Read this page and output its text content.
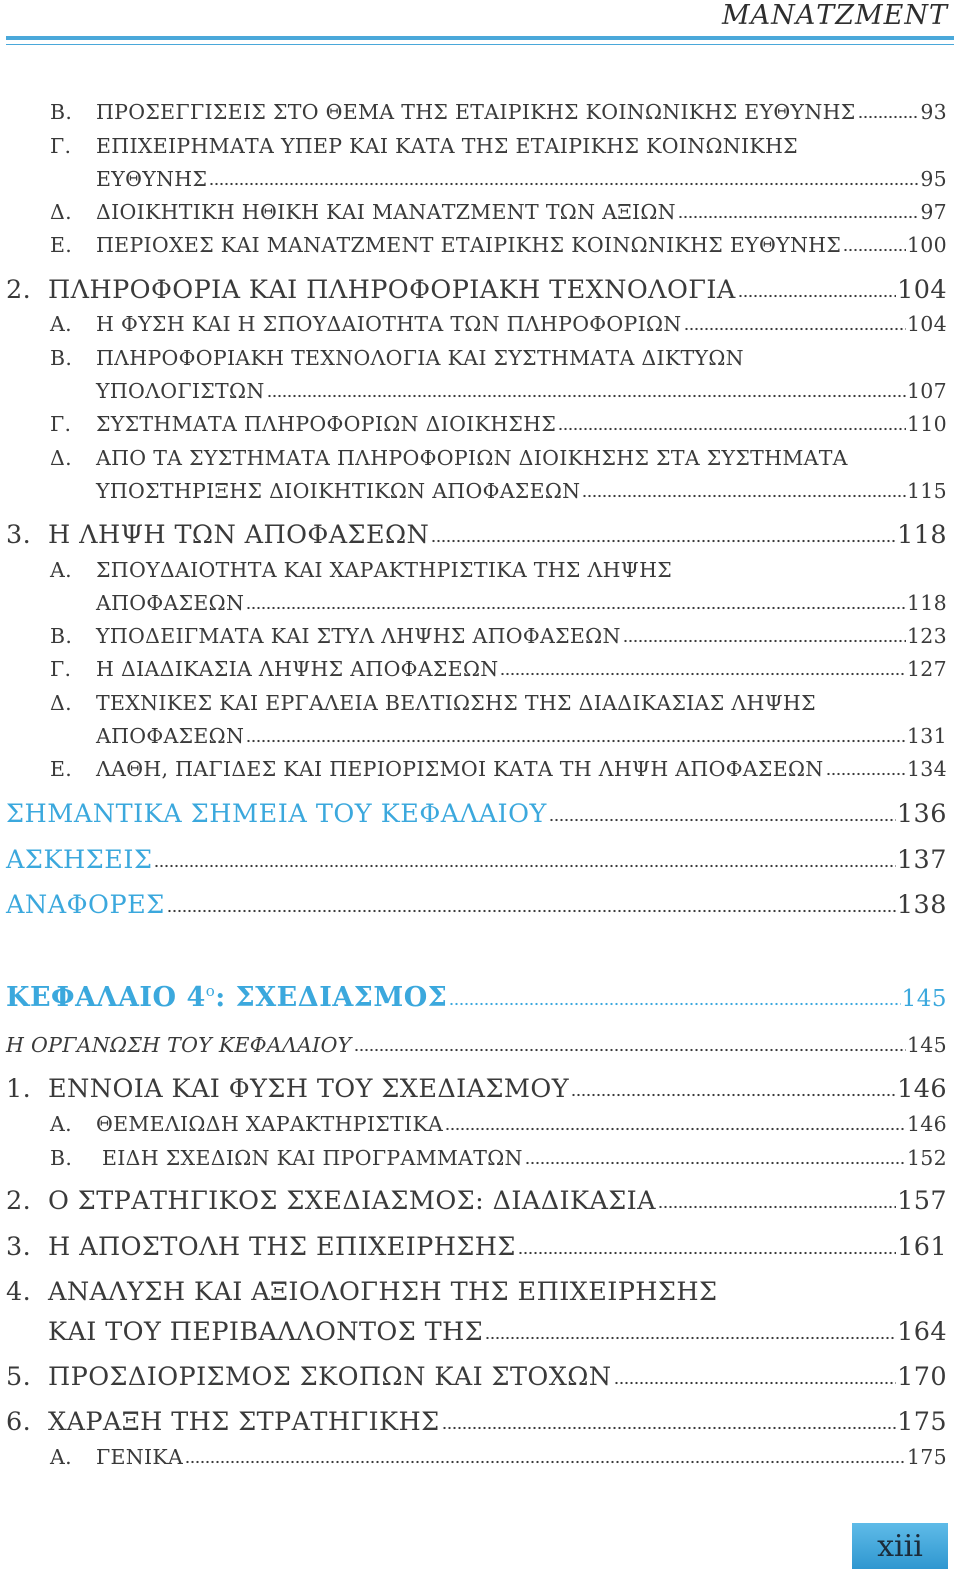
ΜΑΝΑΤΖΜΕΝΤ
Β. ΠΡΟΣΕΓΓΙΣΕΙΣ ΣΤΟ ΘΕΜΑ ΤΗΣ ΕΤΑΙΡΙΚΗΣ ΚΟΙΝΩΝΙΚΗΣ ΕΥΘΥΝΗΣ	93
Γ. ΕΠΙΧΕΙΡΗΜΑΤΑ ΥΠΕΡ ΚΑΙ ΚΑΤΑ ΤΗΣ ΕΤΑΙΡΙΚΗΣ ΚΟΙΝΩΝΙΚΗΣ
ΕΥΘΥΝΗΣ	95
Δ. ΔΙΟΙΚΗΤΙΚΗ ΗΘΙΚΗ ΚΑΙ ΜΑΝΑΤΖΜΕΝΤ ΤΩΝ ΑΞΙΩΝ	97
Ε. ΠΕΡΙΟΧΕΣ ΚΑΙ ΜΑΝΑΤΖΜΕΝΤ ΕΤΑΙΡΙΚΗΣ ΚΟΙΝΩΝΙΚΗΣ ΕΥΘΥΝΗΣ	100
2. ΠΛΗΡΟΦΟΡΙΑ ΚΑΙ ΠΛΗΡΟΦΟΡΙΑΚΗ ΤΕΧΝΟΛΟΓΙΑ	104
Α. Η ΦΥΣΗ ΚΑΙ Η ΣΠΟΥΔΑΙΟΤΗΤΑ ΤΩΝ ΠΛΗΡΟΦΟΡΙΩΝ	104
Β. ΠΛΗΡΟΦΟΡΙΑΚΗ ΤΕΧΝΟΛΟΓΙΑ ΚΑΙ ΣΥΣΤΗΜΑΤΑ ΔΙΚΤΥΩΝ
ΥΠΟΛΟΓΙΣΤΩΝ	107
Γ. ΣΥΣΤΗΜΑΤΑ ΠΛΗΡΟΦΟΡΙΩΝ ΔΙΟΙΚΗΣΗΣ	110
Δ. ΑΠΟ ΤΑ ΣΥΣΤΗΜΑΤΑ ΠΛΗΡΟΦΟΡΙΩΝ ΔΙΟΙΚΗΣΗΣ ΣΤΑ ΣΥΣΤΗΜΑΤΑ
ΥΠΟΣΤΗΡΙΞΗΣ ΔΙΟΙΚΗΤΙΚΩΝ ΑΠΟΦΑΣΕΩΝ	115
3. Η ΛΗΨΗ ΤΩΝ ΑΠΟΦΑΣΕΩΝ	118
Α. ΣΠΟΥΔΑΙΟΤΗΤΑ ΚΑΙ ΧΑΡΑΚΤΗΡΙΣΤΙΚΑ ΤΗΣ ΛΗΨΗΣ
ΑΠΟΦΑΣΕΩΝ	118
Β. ΥΠΟΔΕΙΓΜΑΤΑ ΚΑΙ ΣΤΥΛ ΛΗΨΗΣ ΑΠΟΦΑΣΕΩΝ	123
Γ. Η ΔΙΑΔΙΚΑΣΙΑ ΛΗΨΗΣ ΑΠΟΦΑΣΕΩΝ	127
Δ. ΤΕΧΝΙΚΕΣ ΚΑΙ ΕΡΓΑΛΕΙΑ ΒΕΛΤΙΩΣΗΣ ΤΗΣ ΔΙΑΔΙΚΑΣΙΑΣ ΛΗΨΗΣ
ΑΠΟΦΑΣΕΩΝ	131
Ε. ΛΑΘΗ, ΠΑΓΙΔΕΣ ΚΑΙ ΠΕΡΙΟΡΙΣΜΟΙ ΚΑΤΑ ΤΗ ΛΗΨΗ ΑΠΟΦΑΣΕΩΝ	134
ΣΗΜΑΝΤΙΚΑ ΣΗΜΕΙΑ ΤΟΥ ΚΕΦΑΛΑΙΟΥ	136
ΑΣΚΗΣΕΙΣ	137
ΑΝΑΦΟΡΕΣ	138
ΚΕΦΑΛΑΙΟ $4^o$: ΣΧΕΔΙΑΣΜΟΣ	145
Η ΟΡΓΑΝΩΣΗ ΤΟΥ ΚΕΦΑΛΑΙΟΥ	145
1. ΕΝΝΟΙΑ ΚΑΙ ΦΥΣΗ ΤΟΥ ΣΧΕΔΙΑΣΜΟΥ	146
Α. ΘΕΜΕΛΙΩΔΗ ΧΑΡΑΚΤΗΡΙΣΤΙΚΑ	146
Β. ΕΙΔΗ ΣΧΕΔΙΩΝ ΚΑΙ ΠΡΟΓΡΑΜΜΑΤΩΝ	152
2. Ο ΣΤΡΑΤΗΓΙΚΟΣ ΣΧΕΔΙΑΣΜΟΣ: ΔΙΑΔΙΚΑΣΙΑ	157
3. Η ΑΠΟΣΤΟΛΗ ΤΗΣ ΕΠΙΧΕΙΡΗΣΗΣ	161
4. ΑΝΑΛΥΣΗ ΚΑΙ ΑΞΙΟΛΟΓΗΣΗ ΤΗΣ ΕΠΙΧΕΙΡΗΣΗΣ
ΚΑΙ ΤΟΥ ΠΕΡΙΒΑΛΛΟΝΤΟΣ ΤΗΣ	164
5. ΠΡΟΣΔΙΟΡΙΣΜΟΣ ΣΚΟΠΩΝ ΚΑΙ ΣΤΟΧΩΝ	170
6. ΧΑΡΑΞΗ ΤΗΣ ΣΤΡΑΤΗΓΙΚΗΣ	175
Α. ΓΕΝΙΚΑ	175
xiii
